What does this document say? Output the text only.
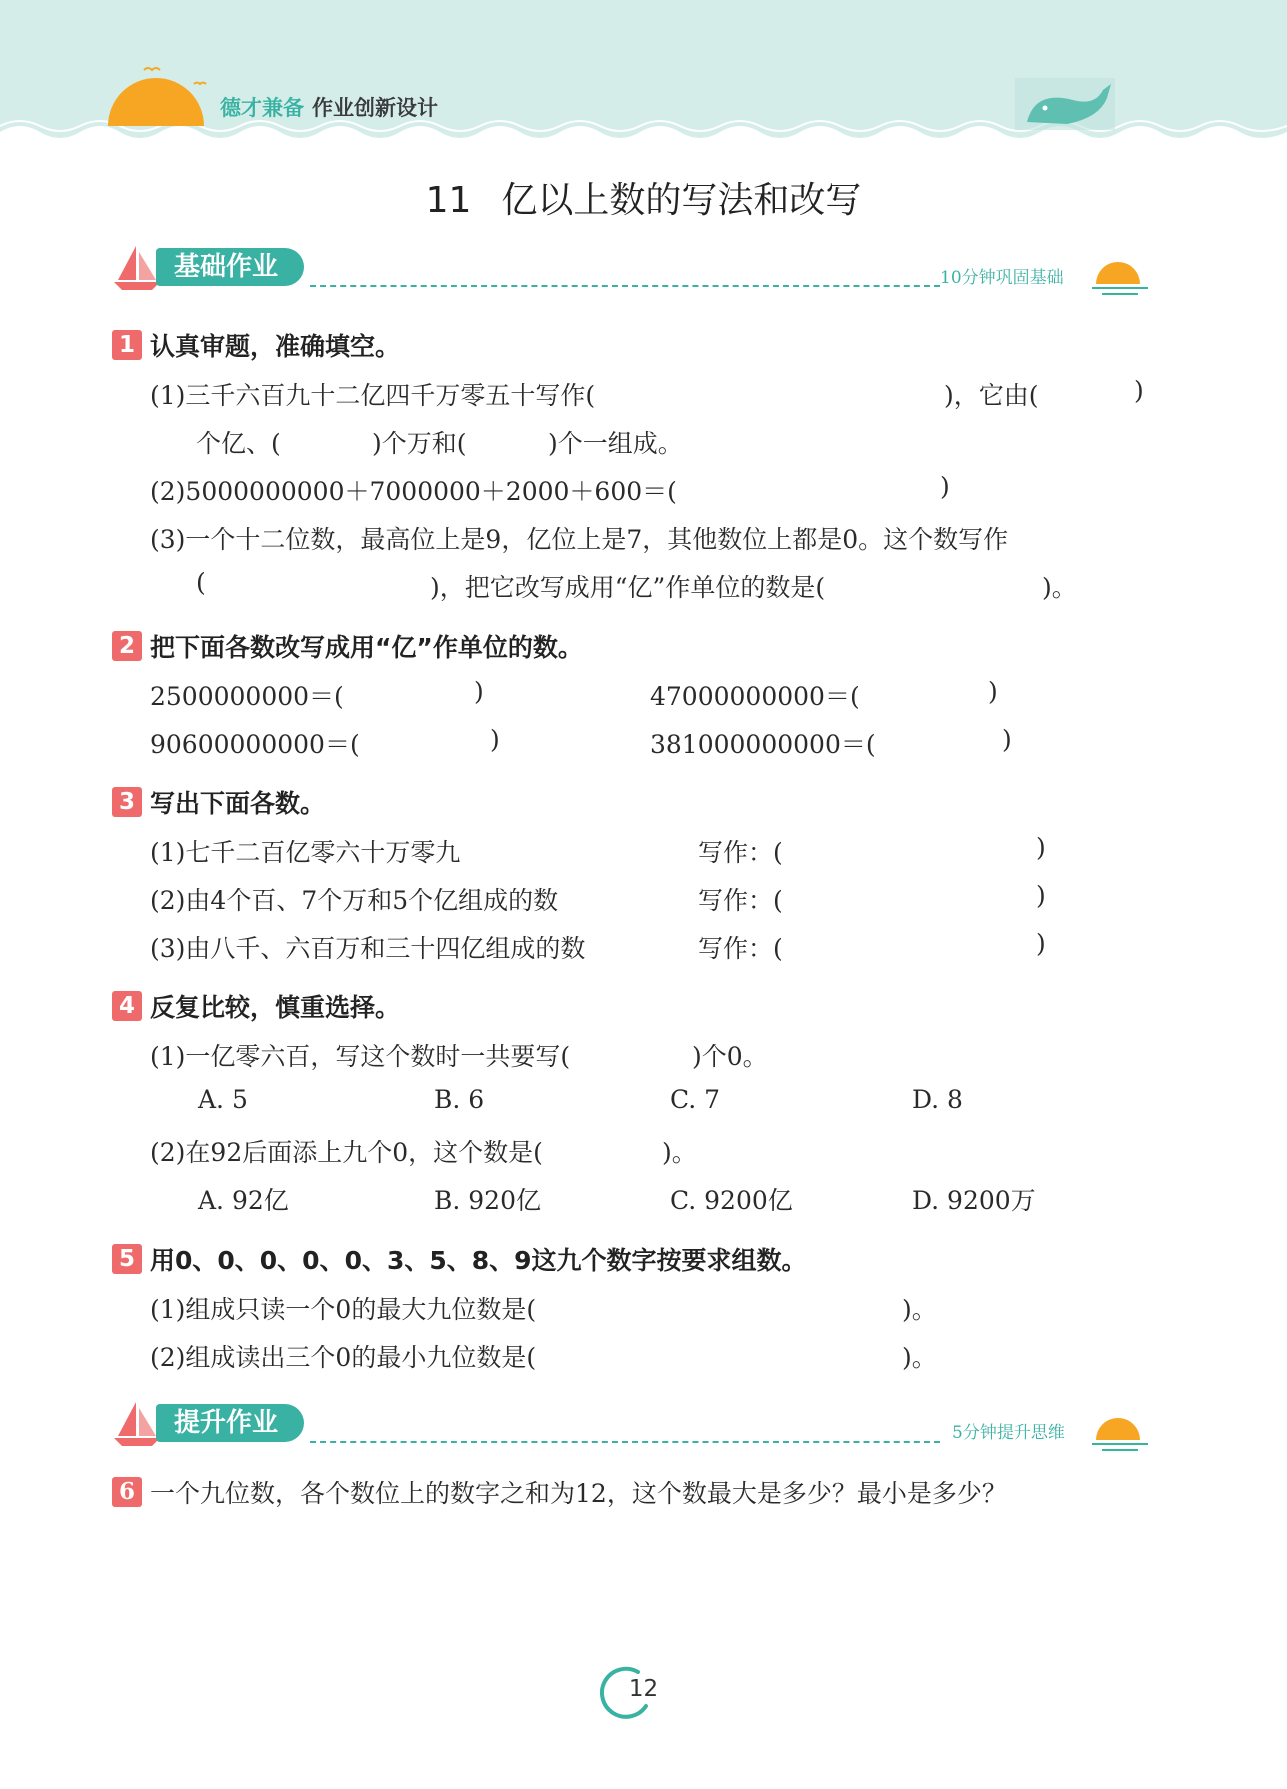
德才兼备 作业创新设计
11 亿以上数的写法和改写
基础作业	10分钟巩固基础
1 认真审题，准确填空。
(1)三千六百九十二亿四千万零五十写作(	)，它由(	)
个亿、(	)个万和(	)个一组成。
(2)5000000000＋7000000＋2000＋600＝(	)
(3)一个十二位数，最高位上是9，亿位上是7，其他数位上都是0。这个数写作
(	)，把它改写成用“亿”作单位的数是(	)。
2 把下面各数改写成用“亿”作单位的数。
2500000000＝(	)	47000000000＝(	)
90600000000＝(	)	381000000000＝(	)
3 写出下面各数。
(1)七千二百亿零六十万零九	写作：(	)
(2)由4个百、7个万和5个亿组成的数	写作：(	)
(3)由八千、六百万和三十四亿组成的数	写作：(	)
4 反复比较，慎重选择。
(1)一亿零六百，写这个数时一共要写(	)个0。
A. 5	B. 6	C. 7	D. 8
(2)在92后面添上九个0，这个数是(	)。
A. 92亿	B. 920亿	C. 9200亿	D. 9200万
5 用0、0、0、0、0、3、5、8、9这九个数字按要求组数。
(1)组成只读一个0的最大九位数是(	)。
(2)组成读出三个0的最小九位数是(	)。
提升作业	5分钟提升思维
6 一个九位数，各个数位上的数字之和为12，这个数最大是多少？最小是多少？
12
